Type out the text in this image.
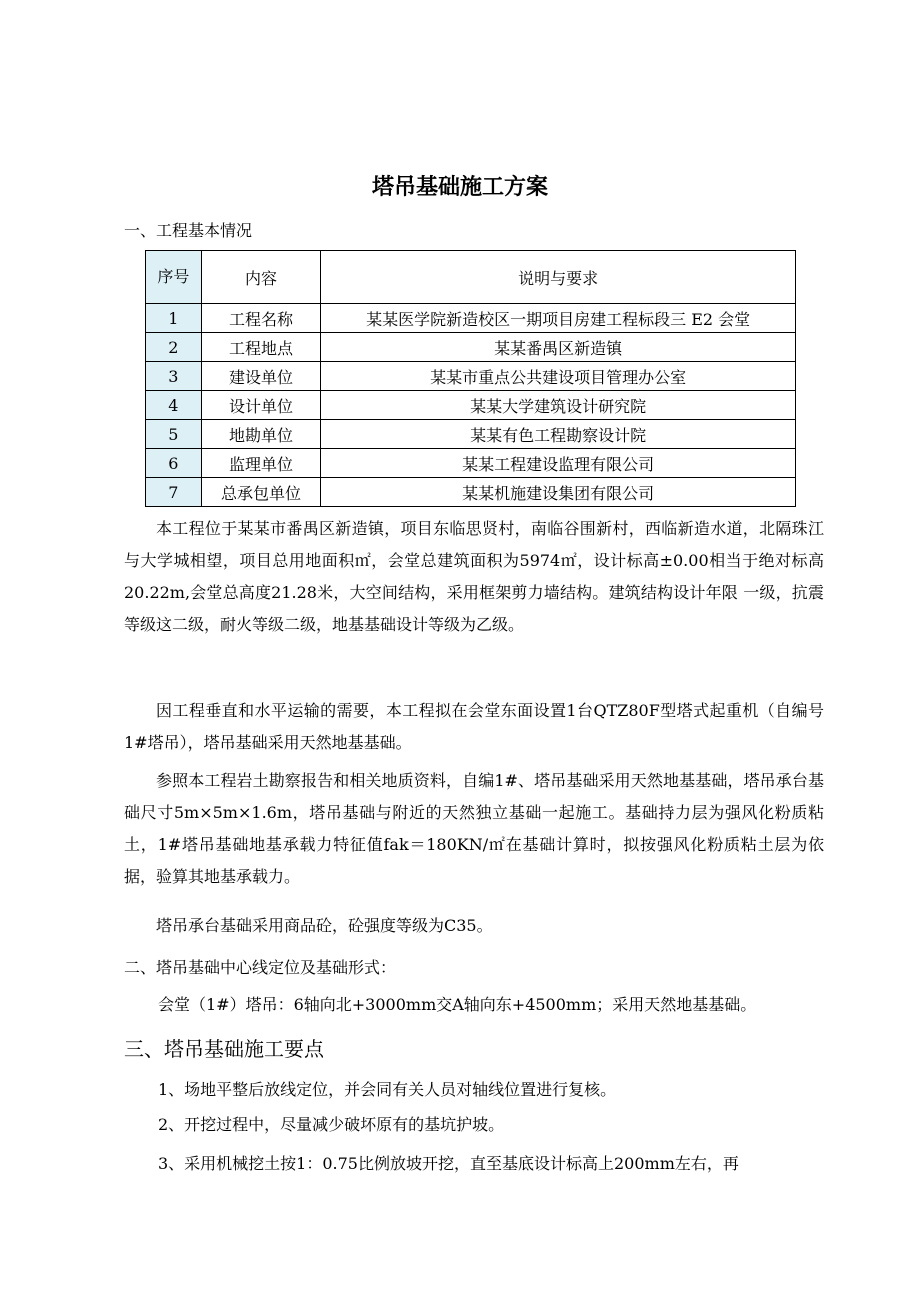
塔吊基础施工方案
一、工程基本情况
序号	内容	说明与要求
1	工程名称	某某医学院新造校区一期项目房建工程标段三 E2 会堂
2	工程地点	某某番禺区新造镇
3	建设单位	某某市重点公共建设项目管理办公室
4	设计单位	某某大学建筑设计研究院
5	地勘单位	某某有色工程勘察设计院
6	监理单位	某某工程建设监理有限公司
7	总承包单位	某某机施建设集团有限公司

本工程位于某某市番禺区新造镇，项目东临思贤村，南临谷围新村，西临新造水道，北隔珠江与大学城相望，项目总用地面积㎡，会堂总建筑面积为5974㎡，设计标高±0.00相当于绝对标高20.22m,会堂总高度21.28米，大空间结构，采用框架剪力墙结构。建筑结构设计年限 一级，抗震等级这二级，耐火等级二级，地基基础设计等级为乙级。

因工程垂直和水平运输的需要，本工程拟在会堂东面设置1台QTZ80F型塔式起重机（自编号1#塔吊），塔吊基础采用天然地基基础。

参照本工程岩土勘察报告和相关地质资料，自编1#、塔吊基础采用天然地基基础，塔吊承台基础尺寸5m×5m×1.6m，塔吊基础与附近的天然独立基础一起施工。基础持力层为强风化粉质粘土，1#塔吊基础地基承载力特征值fak＝180KN/㎡在基础计算时，拟按强风化粉质粘土层为依据，验算其地基承载力。

塔吊承台基础采用商品砼，砼强度等级为C35。

二、塔吊基础中心线定位及基础形式：
会堂（1#）塔吊：6轴向北+3000mm交A轴向东+4500mm；采用天然地基基础。
三、塔吊基础施工要点
1、场地平整后放线定位，并会同有关人员对轴线位置进行复核。
2、开挖过程中，尽量减少破坏原有的基坑护坡。
3、采用机械挖土按1：0.75比例放坡开挖，直至基底设计标高上200mm左右，再
